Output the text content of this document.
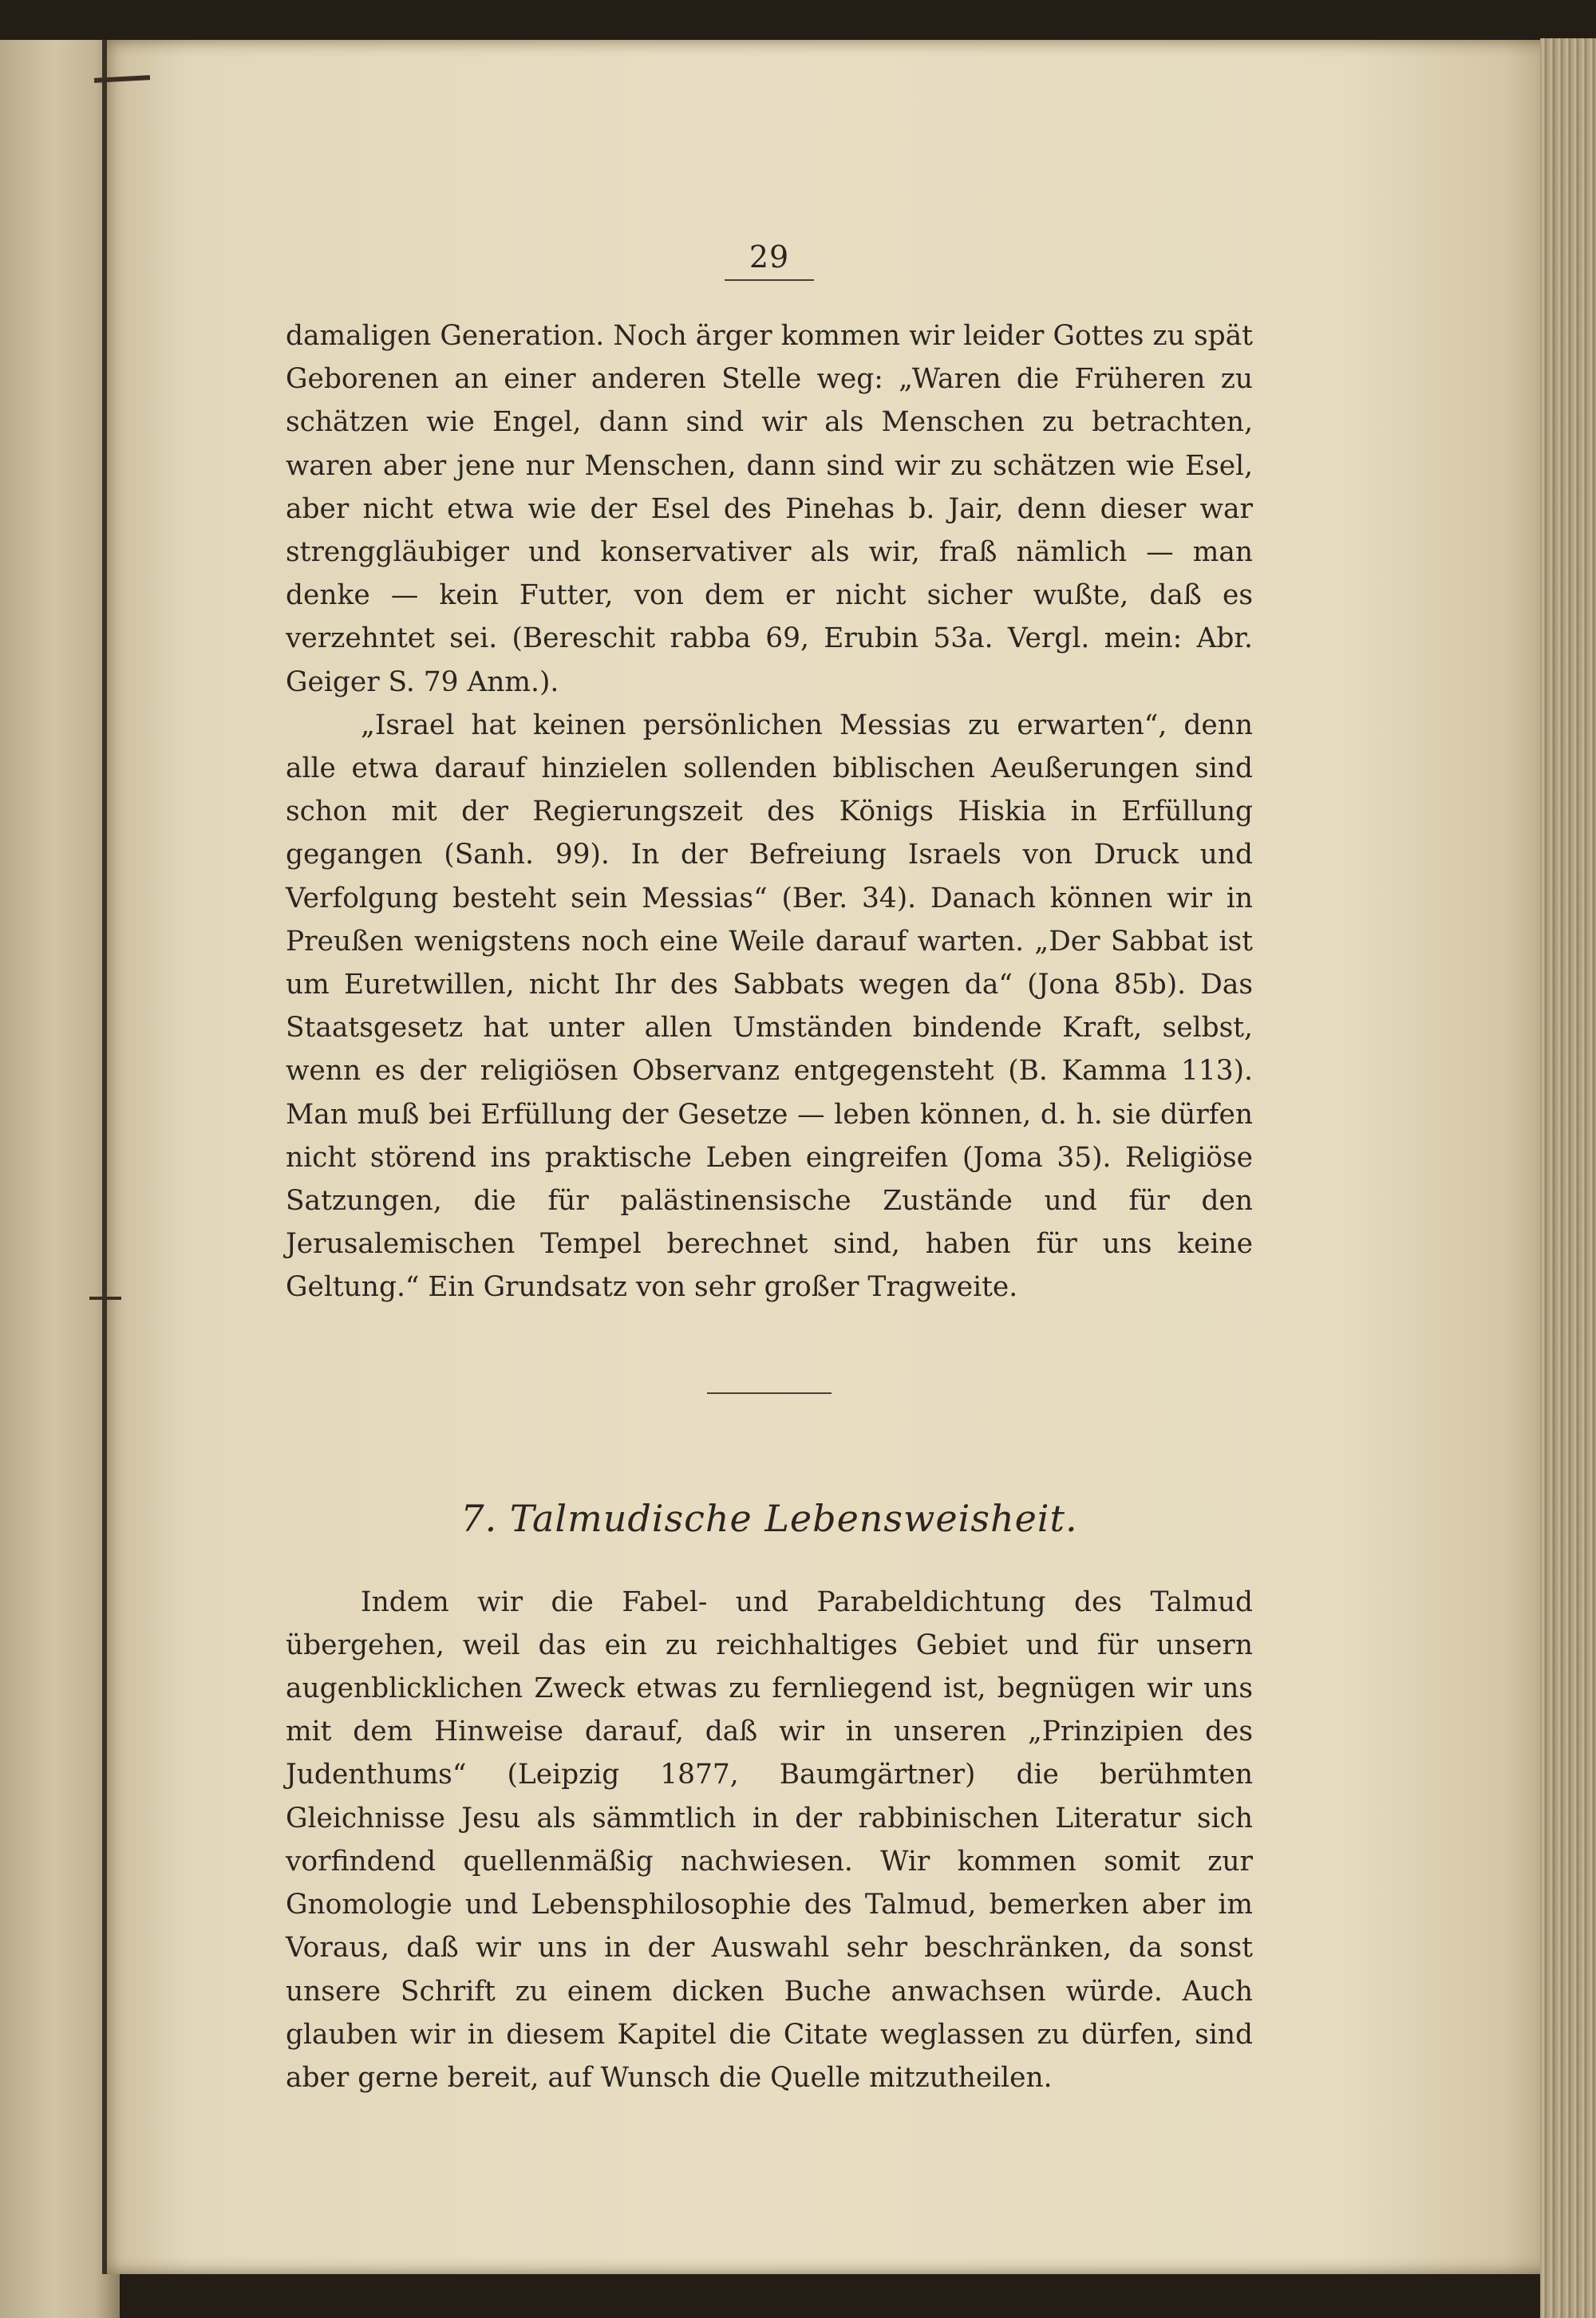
29

damaligen Generation. Noch ärger kommen wir leider Gottes zu spät Geborenen an einer anderen Stelle weg: „Waren die Früheren zu schätzen wie Engel, dann sind wir als Menschen zu betrachten, waren aber jene nur Menschen, dann sind wir zu schätzen wie Esel, aber nicht etwa wie der Esel des Pinehas b. Jair, denn dieser war strenggläubiger und konservativer als wir, fraß nämlich — man denke — kein Futter, von dem er nicht sicher wußte, daß es verzehntet sei. (Bereschit rabba 69, Erubin 53a. Vergl. mein: Abr. Geiger S. 79 Anm.).

„Israel hat keinen persönlichen Messias zu erwarten“, denn alle etwa darauf hinzielen sollenden biblischen Aeußerungen sind schon mit der Regierungszeit des Königs Hiskia in Erfüllung gegangen (Sanh. 99). In der Befreiung Israels von Druck und Verfolgung besteht sein Messias“ (Ber. 34). Danach können wir in Preußen wenigstens noch eine Weile darauf warten. „Der Sabbat ist um Euretwillen, nicht Ihr des Sabbats wegen da“ (Jona 85b). Das Staatsgesetz hat unter allen Umständen bindende Kraft, selbst, wenn es der religiösen Observanz entgegensteht (B. Kamma 113). Man muß bei Erfüllung der Gesetze — leben können, d. h. sie dürfen nicht störend ins praktische Leben eingreifen (Joma 35). Religiöse Satzungen, die für palästinensische Zustände und für den Jerusalemischen Tempel berechnet sind, haben für uns keine Geltung.“ Ein Grundsatz von sehr großer Tragweite.

7. Talmudische Lebensweisheit.

Indem wir die Fabel- und Parabeldichtung des Talmud übergehen, weil das ein zu reichhaltiges Gebiet und für unsern augenblicklichen Zweck etwas zu fernliegend ist, begnügen wir uns mit dem Hinweise darauf, daß wir in unseren „Prinzipien des Judenthums“ (Leipzig 1877, Baumgärtner) die berühmten Gleichnisse Jesu als sämmtlich in der rabbinischen Literatur sich vorfindend quellenmäßig nachwiesen. Wir kommen somit zur Gnomologie und Lebensphilosophie des Talmud, bemerken aber im Voraus, daß wir uns in der Auswahl sehr beschränken, da sonst unsere Schrift zu einem dicken Buche anwachsen würde. Auch glauben wir in diesem Kapitel die Citate weglassen zu dürfen, sind aber gerne bereit, auf Wunsch die Quelle mitzutheilen.
